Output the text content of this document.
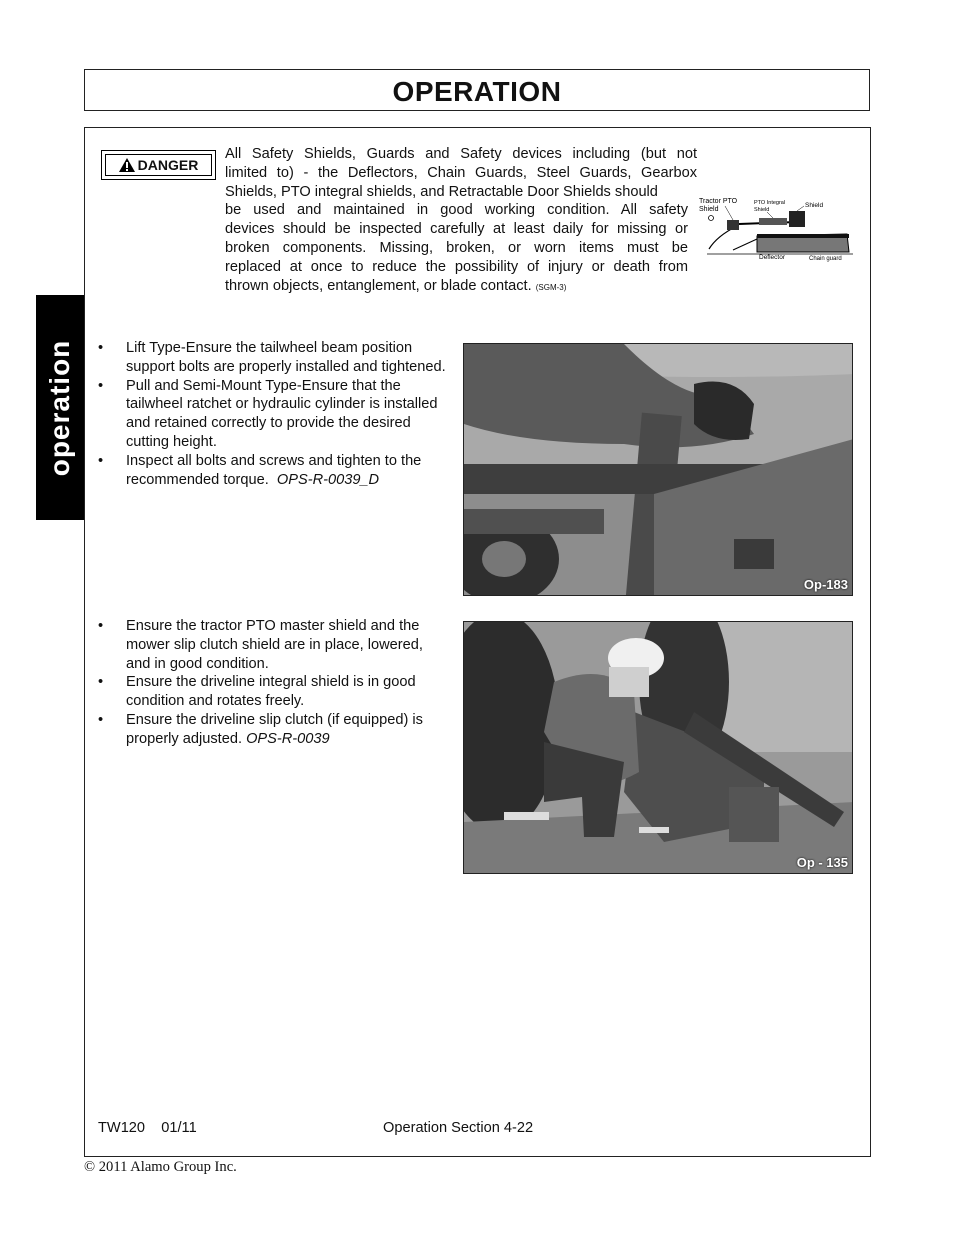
OPERATION
operation
DANGER
All Safety Shields, Guards and Safety devices including (but not
limited to) - the Deflectors, Chain Guards, Steel Guards, Gearbox
Shields, PTO integral shields, and Retractable Door Shields should
be used and maintained in good working condition. All safety
devices should be inspected carefully at least daily for missing or
broken components. Missing, broken, or worn items must be
replaced at once to reduce the possibility of injury or death from
thrown objects, entanglement, or blade contact. (SGM-3)
Tractor PTO
Shield
PTO Integral
Shield
Shield
Deflector	Chain guard
• Lift Type-Ensure the tailwheel beam position support bolts are properly installed and tightened.
• Pull and Semi-Mount Type-Ensure that the tailwheel ratchet or hydraulic cylinder is installed and retained correctly to provide the desired cutting height.
• Inspect all bolts and screws and tighten to the recommended torque. OPS-R-0039_D
Op-183
• Ensure the tractor PTO master shield and the mower slip clutch shield are in place, lowered, and in good condition.
• Ensure the driveline integral shield is in good condition and rotates freely.
• Ensure the driveline slip clutch (if equipped) is properly adjusted. OPS-R-0039
Op - 135
TW120    01/11	Operation Section 4-22
© 2011 Alamo Group Inc.
